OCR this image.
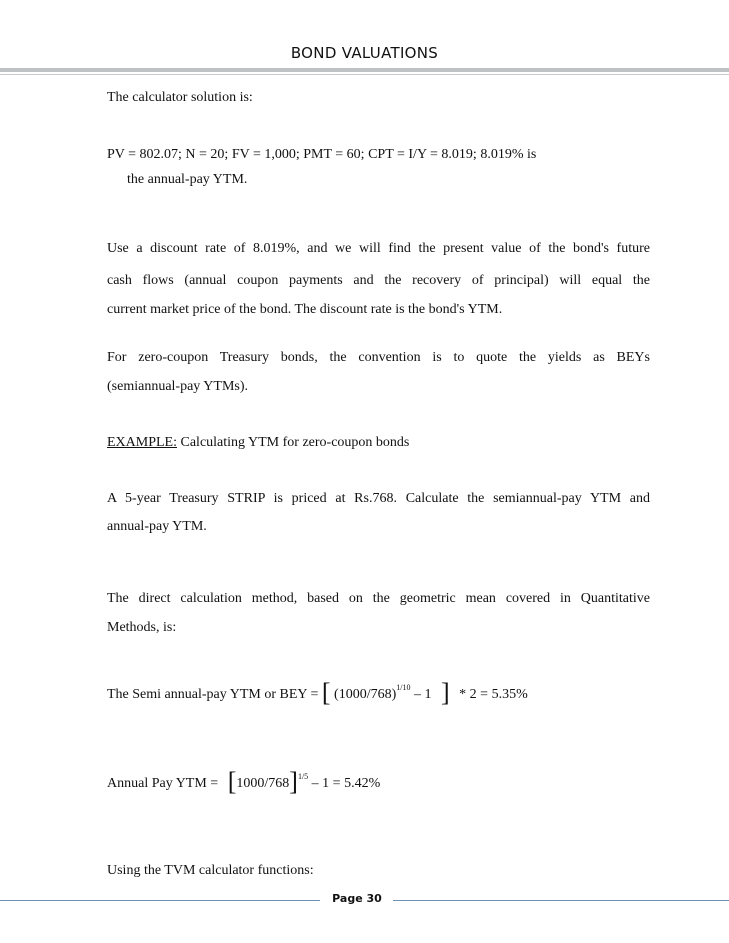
BOND VALUATIONS
The calculator solution is:
PV = 802.07; N = 20; FV = 1,000; PMT = 60; CPT = I/Y = 8.019; 8.019% is
the annual-pay YTM.
Use a discount rate of 8.019%, and we will find the present value of the bond's future
cash flows (annual coupon payments and the recovery of principal) will equal the
current market price of the bond. The discount rate is the bond's YTM.
For zero-coupon Treasury bonds, the convention is to quote the yields as BEYs
(semiannual-pay YTMs).
EXAMPLE: Calculating YTM for zero-coupon bonds
A 5-year Treasury STRIP is priced at Rs.768. Calculate the semiannual-pay YTM and
annual-pay YTM.
The direct calculation method, based on the geometric mean covered in Quantitative
Methods, is:
The Semi annual-pay YTM or BEY = [ $(1000/768)^{1/10} - 1$ ] * 2 = 5.35%
Annual Pay YTM = $[1000/768]^{1/5} - 1 = 5.42\%$
Using the TVM calculator functions:
Page 30
